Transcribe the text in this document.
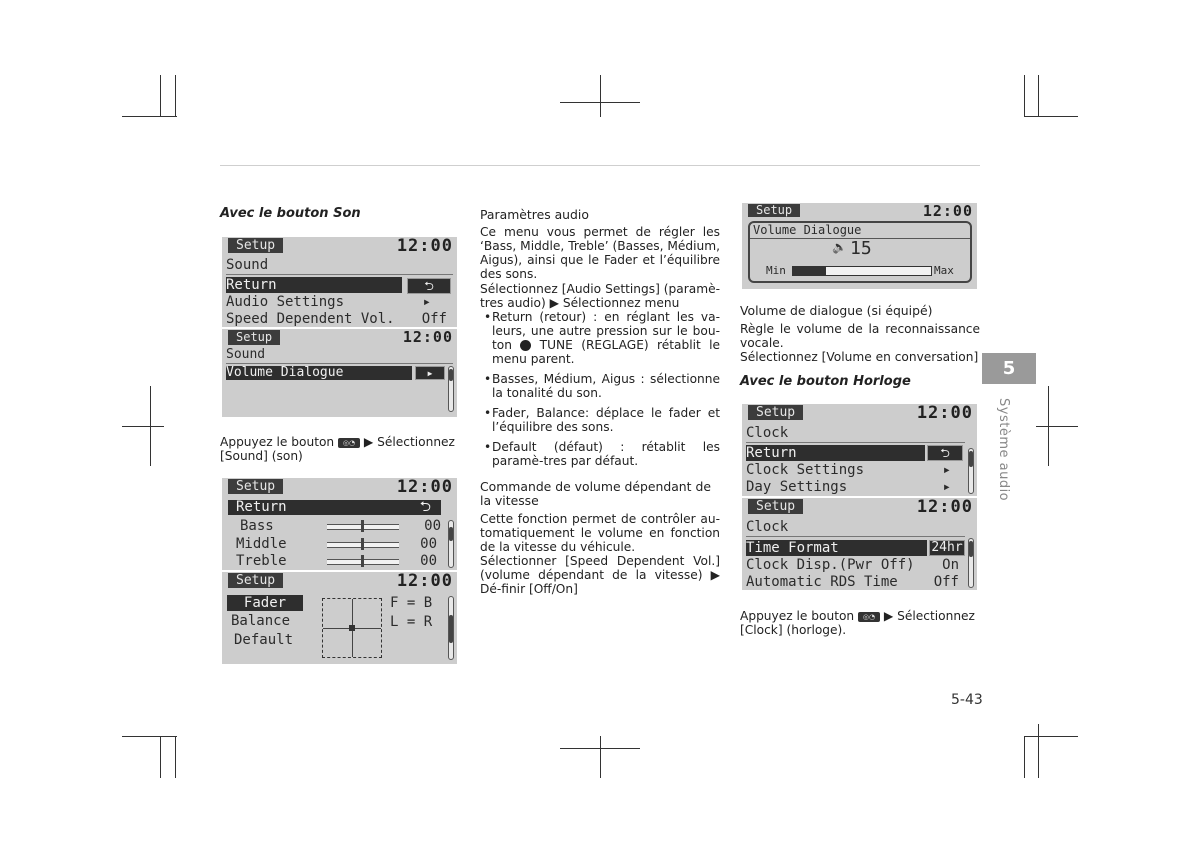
Avec le bouton Son
Setup	12:00
Sound
Return	⮌
Audio Settings	▸
Speed Dependent Vol. Off
Setup	12:00
Sound
Volume Dialogue	▸
Appuyez le bouton ◎◔ ▶ Sélectionnez
[Sound] (son)
Setup	12:00
Return	⮌
Bass	00
Middle	00
Treble	00
Setup	12:00
Fader
Balance
Default
F = B
L = R
Paramètres audio
Ce menu vous permet de régler les ‘Bass, Middle, Treble’ (Basses, Médium, Aigus), ainsi que le Fader et l’équilibre des sons.
Sélectionnez [Audio Settings] (paramè-tres audio) ▶ Sélectionnez menu
• Return (retour) : en réglant les va-leurs, une autre pression sur le bou-ton TUNE (REGLAGE) rétablit le menu parent.
• Basses, Médium, Aigus : sélectionne la tonalité du son.
• Fader, Balance: déplace le fader et l’équilibre des sons.
• Default (défaut) : rétablit les paramè-tres par défaut.
Commande de volume dépendant de la vitesse
Cette fonction permet de contrôler au-tomatiquement le volume en fonction de la vitesse du véhicule.
Sélectionner [Speed Dependent Vol.] (volume dépendant de la vitesse) ▶ Dé-finir [Off/On]
Setup	12:00
Volume Dialogue
🔈 15
Min	Max
Volume de dialogue (si équipé)
Règle le volume de la reconnaissance vocale.
Sélectionnez [Volume en conversation]
Avec le bouton Horloge
Setup	12:00
Clock
Return	⮌
Clock Settings	▸
Day Settings	▸
Setup	12:00
Clock
Time Format	24hr
Clock Disp.(Pwr Off) On
Automatic RDS Time	Off
Appuyez le bouton ◎◔ ▶ Sélectionnez
[Clock] (horloge).
5
Système audio
5-43
